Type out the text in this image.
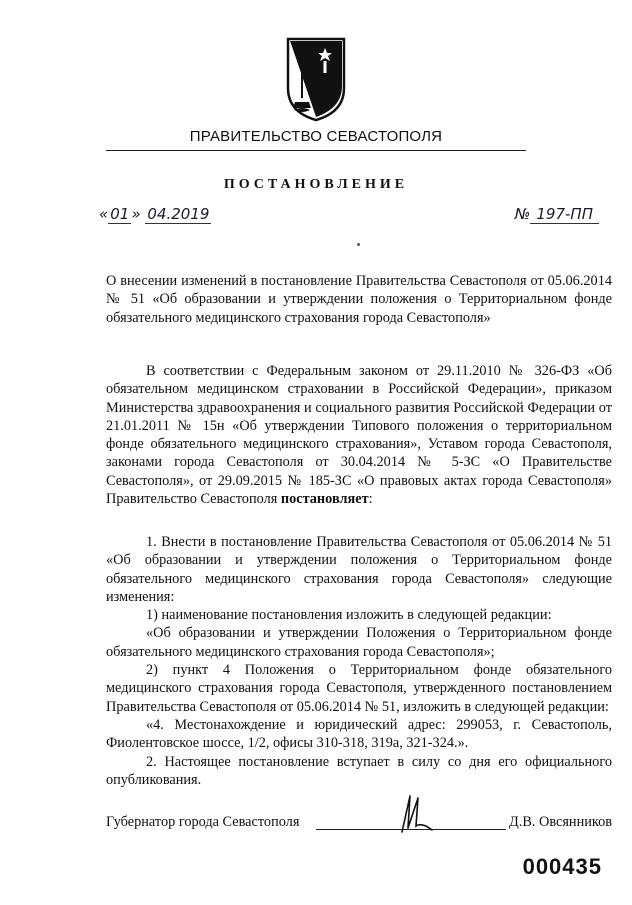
ПРАВИТЕЛЬСТВО СЕВАСТОПОЛЯ
ПОСТАНОВЛЕНИЕ
« 01 » 04.2019	№ 197-ПП

О внесении изменений в постановление Правительства Севастополя от 05.06.2014 № 51 «Об образовании и утверждении положения о Территориальном фонде обязательного медицинского страхования города Севастополя»

В соответствии с Федеральным законом от 29.11.2010 № 326-ФЗ «Об обязательном медицинском страховании в Российской Федерации», приказом Министерства здравоохранения и социального развития Российской Федерации от 21.01.2011 № 15н «Об утверждении Типового положения о территориальном фонде обязательного медицинского страхования», Уставом города Севастополя, законами города Севастополя от 30.04.2014 № 5-ЗС «О Правительстве Севастополя», от 29.09.2015 № 185-ЗС «О правовых актах города Севастополя» Правительство Севастополя постановляет:

1. Внести в постановление Правительства Севастополя от 05.06.2014 № 51 «Об образовании и утверждении положения о Территориальном фонде обязательного медицинского страхования города Севастополя» следующие изменения:

1) наименование постановления изложить в следующей редакции:

«Об образовании и утверждении Положения о Территориальном фонде обязательного медицинского страхования города Севастополя»;

2) пункт 4 Положения о Территориальном фонде обязательного медицинского страхования города Севастополя, утвержденного постановлением Правительства Севастополя от 05.06.2014 № 51, изложить в следующей редакции:

«4. Местонахождение и юридический адрес: 299053, г. Севастополь, Фиолентовское шоссе, 1/2, офисы 310-318, 319а, 321-324.».

2. Настоящее постановление вступает в силу со дня его официального опубликования.

Губернатор города Севастополя	Д.В. Овсянников
000435
